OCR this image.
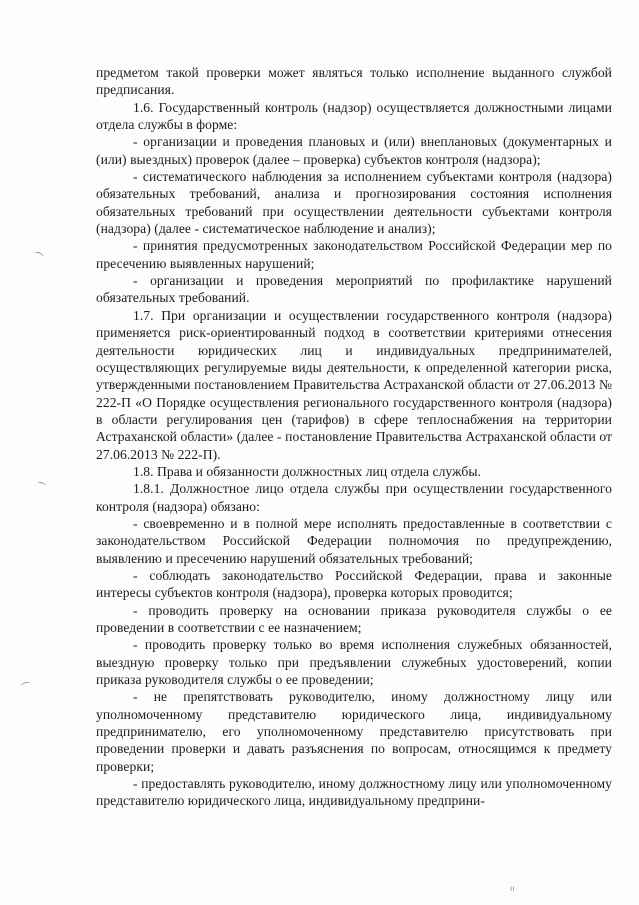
предметом такой проверки может являться только исполнение выданного службой предписания.

1.6. Государственный контроль (надзор) осуществляется должностными лицами отдела службы в форме:

- организации и проведения плановых и (или) внеплановых (документарных и (или) выездных) проверок (далее – проверка) субъектов контроля (надзора);

- систематического наблюдения за исполнением субъектами контроля (надзора) обязательных требований, анализа и прогнозирования состояния исполнения обязательных требований при осуществлении деятельности субъектами контроля (надзора) (далее - систематическое наблюдение и анализ);

- принятия предусмотренных законодательством Российской Федерации мер по пресечению выявленных нарушений;

- организации и проведения мероприятий по профилактике нарушений обязательных требований.

1.7. При организации и осуществлении государственного контроля (надзора) применяется риск-ориентированный подход в соответствии критериями отнесения деятельности юридических лиц и индивидуальных предпринимателей, осуществляющих регулируемые виды деятельности, к определенной категории риска, утвержденными постановлением Правительства Астраханской области от 27.06.2013 № 222-П «О Порядке осуществления регионального государственного контроля (надзора) в области регулирования цен (тарифов) в сфере теплоснабжения на территории Астраханской области» (далее - постановление Правительства Астраханской области от 27.06.2013 № 222-П).

1.8. Права и обязанности должностных лиц отдела службы.

1.8.1. Должностное лицо отдела службы при осуществлении государственного контроля (надзора) обязано:

- своевременно и в полной мере исполнять предоставленные в соответствии с законодательством Российской Федерации полномочия по предупреждению, выявлению и пресечению нарушений обязательных требований;

- соблюдать законодательство Российской Федерации, права и законные интересы субъектов контроля (надзора), проверка которых проводится;

- проводить проверку на основании приказа руководителя службы о ее проведении в соответствии с ее назначением;

- проводить проверку только во время исполнения служебных обязанностей, выездную проверку только при предъявлении служебных удостоверений, копии приказа руководителя службы о ее проведении;

- не препятствовать руководителю, иному должностному лицу или уполномоченному представителю юридического лица, индивидуальному предпринимателю, его уполномоченному представителю присутствовать при проведении проверки и давать разъяснения по вопросам, относящимся к предмету проверки;

- предоставлять руководителю, иному должностному лицу или уполномоченному представителю юридического лица, индивидуальному предприни-

⌒
⌒
⌒
ıı
